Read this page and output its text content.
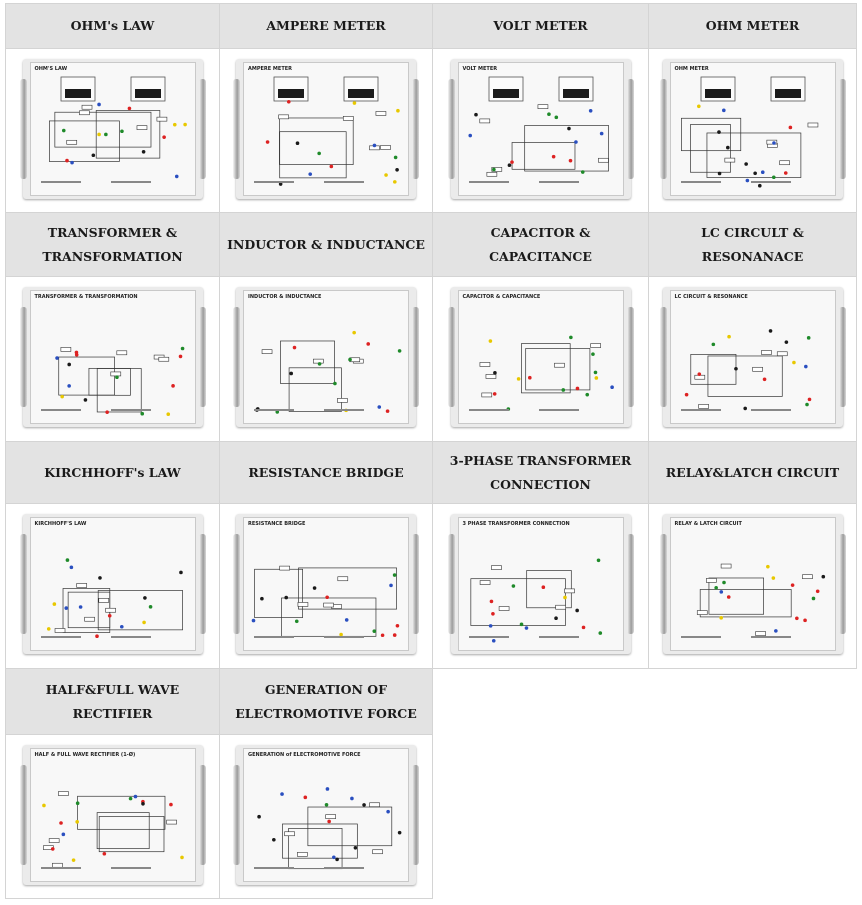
OHM's LAW	AMPERE METER	VOLT METER	OHM METER

OHM'S LAW	AMPERE METER	VOLT METER	OHM METER

TRANSFORMER & TRANSFORMATION	INDUCTOR & INDUCTANCE	CAPACITOR & CAPACITANCE	LC CIRCULT & RESONANACE

TRANSFORMER & TRANSFORMATION	INDUCTOR & INDUCTANCE	CAPACITOR & CAPACITANCE	LC CIRCUIT & RESONANCE

KIRCHHOFF's LAW	RESISTANCE BRIDGE	3-PHASE TRANSFORMER CONNECTION	RELAY&LATCH CIRCUIT

KIRCHHOFF'S LAW	RESISTANCE BRIDGE	3 PHASE TRANSFORMER CONNECTION	RELAY & LATCH CIRCUIT

HALF&FULL WAVE RECTIFIER	GENERATION OF ELECTROMOTIVE FORCE		

HALF & FULL WAVE RECTIFIER (1-Ø)	GENERATION of ELECTROMOTIVE FORCE		
